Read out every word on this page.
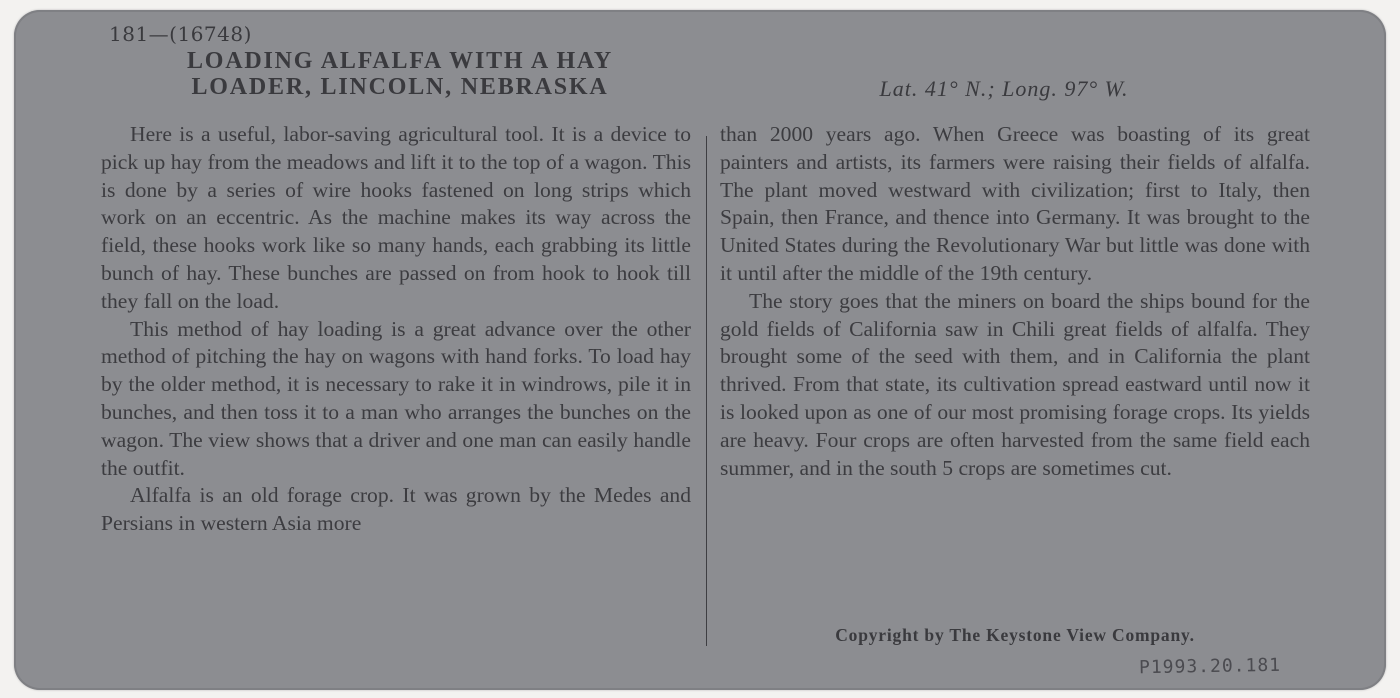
181—(16748)
LOADING ALFALFA WITH A HAY
LOADER, LINCOLN, NEBRASKA	Lat. 41° N.; Long. 97° W.

Here is a useful, labor-saving agricultural tool. It is a device to pick up hay from the meadows and lift it to the top of a wagon. This is done by a series of wire hooks fastened on long strips which work on an eccentric. As the machine makes its way across the field, these hooks work like so many hands, each grabbing its little bunch of hay. These bunches are passed on from hook to hook till they fall on the load.

This method of hay loading is a great advance over the other method of pitching the hay on wagons with hand forks. To load hay by the older method, it is necessary to rake it in windrows, pile it in bunches, and then toss it to a man who arranges the bunches on the wagon. The view shows that a driver and one man can easily handle the outfit.

Alfalfa is an old forage crop. It was grown by the Medes and Persians in western Asia more

than 2000 years ago. When Greece was boasting of its great painters and artists, its farmers were raising their fields of alfalfa. The plant moved westward with civilization; first to Italy, then Spain, then France, and thence into Germany. It was brought to the United States during the Revolutionary War but little was done with it until after the middle of the 19th century.

The story goes that the miners on board the ships bound for the gold fields of California saw in Chili great fields of alfalfa. They brought some of the seed with them, and in California the plant thrived. From that state, its cultivation spread eastward until now it is looked upon as one of our most promising forage crops. Its yields are heavy. Four crops are often harvested from the same field each summer, and in the south 5 crops are sometimes cut.

Copyright by The Keystone View Company.
P1993.20.181
